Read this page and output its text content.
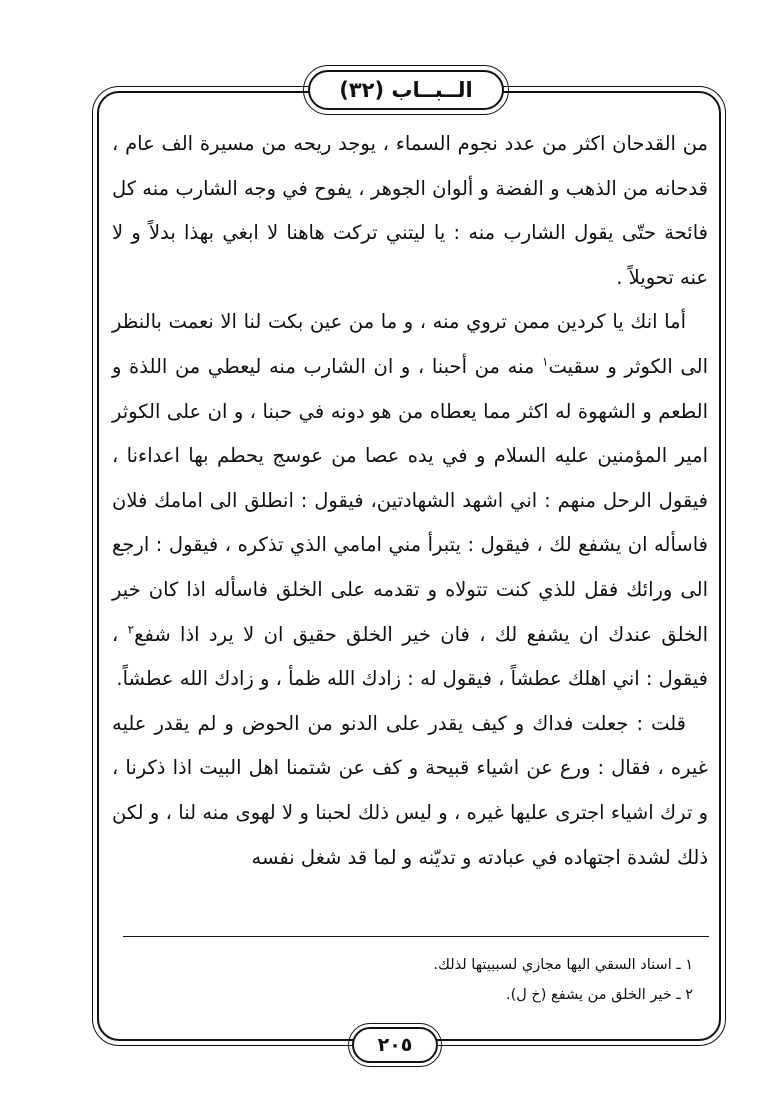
الــبــاب (٣٢)

من القدحان اكثر من عدد نجوم السماء ، يوجد ريحه من مسيرة الف عام ، قدحانه من الذهب و الفضة و ألوان الجوهر ، يفوح في وجه الشارب منه كل فائحة حتّى يقول الشارب منه : يا ليتني تركت هاهنا لا ابغي بهذا بدلاً و لا عنه تحويلاً .

أما انك يا كردين ممن تروي منه ، و ما من عين بكت لنا الا نعمت بالنظر الى الكوثر و سقيت$^١$ منه من أحبنا ، و ان الشارب منه ليعطي من اللذة و الطعم و الشهوة له اكثر مما يعطاه من هو دونه في حبنا ، و ان على الكوثر امير المؤمنين عليه السلام و في يده عصا من عوسج يحطم بها اعداءنا ، فيقول الرحل منهم : اني اشهد الشهادتين، فيقول : انطلق الى امامك فلان فاسأله ان يشفع لك ، فيقول : يتبرأ مني امامي الذي تذكره ، فيقول : ارجع الى ورائك فقل للذي كنت تتولاه و تقدمه على الخلق فاسأله اذا كان خير الخلق عندك ان يشفع لك ، فان خير الخلق حقيق ان لا يرد اذا شفع$^٢$ ، فيقول : اني اهلك عطشاً ، فيقول له : زادك الله ظمأ ، و زادك الله عطشاً.

قلت : جعلت فداك و كيف يقدر على الدنو من الحوض و لم يقدر عليه غيره ، فقال : ورع عن اشياء قبيحة و كف عن شتمنا اهل البيت اذا ذكرنا ، و ترك اشياء اجترى عليها غيره ، و ليس ذلك لحبنا و لا لهوى منه لنا ، و لكن ذلك لشدة اجتهاده في عبادته و تديّنه و لما قد شغل نفسه

١ ـ اسناد السقي اليها مجازي لسببيتها لذلك.
٢ ـ خير الخلق من يشفع (خ ل).
٢٠٥
